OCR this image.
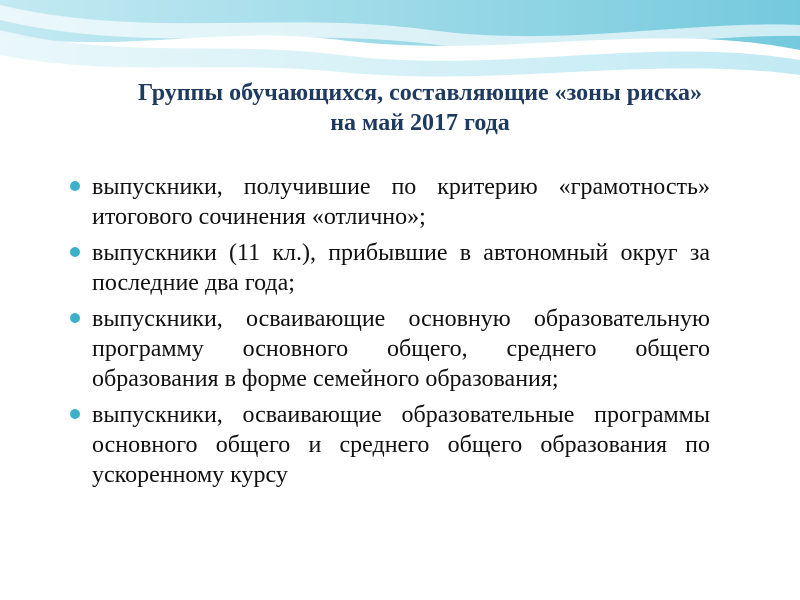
Группы обучающихся, составляющие «зоны риска»
на май 2017 года
выпускники, получившие по критерию «грамотность» итогового сочинения «отлично»;
выпускники (11 кл.), прибывшие в автономный округ за последние два года;
выпускники, осваивающие основную образовательную программу основного общего, среднего общего образования в форме семейного образования;
выпускники, осваивающие образовательные программы основного общего и среднего общего образования по ускоренному курсу
